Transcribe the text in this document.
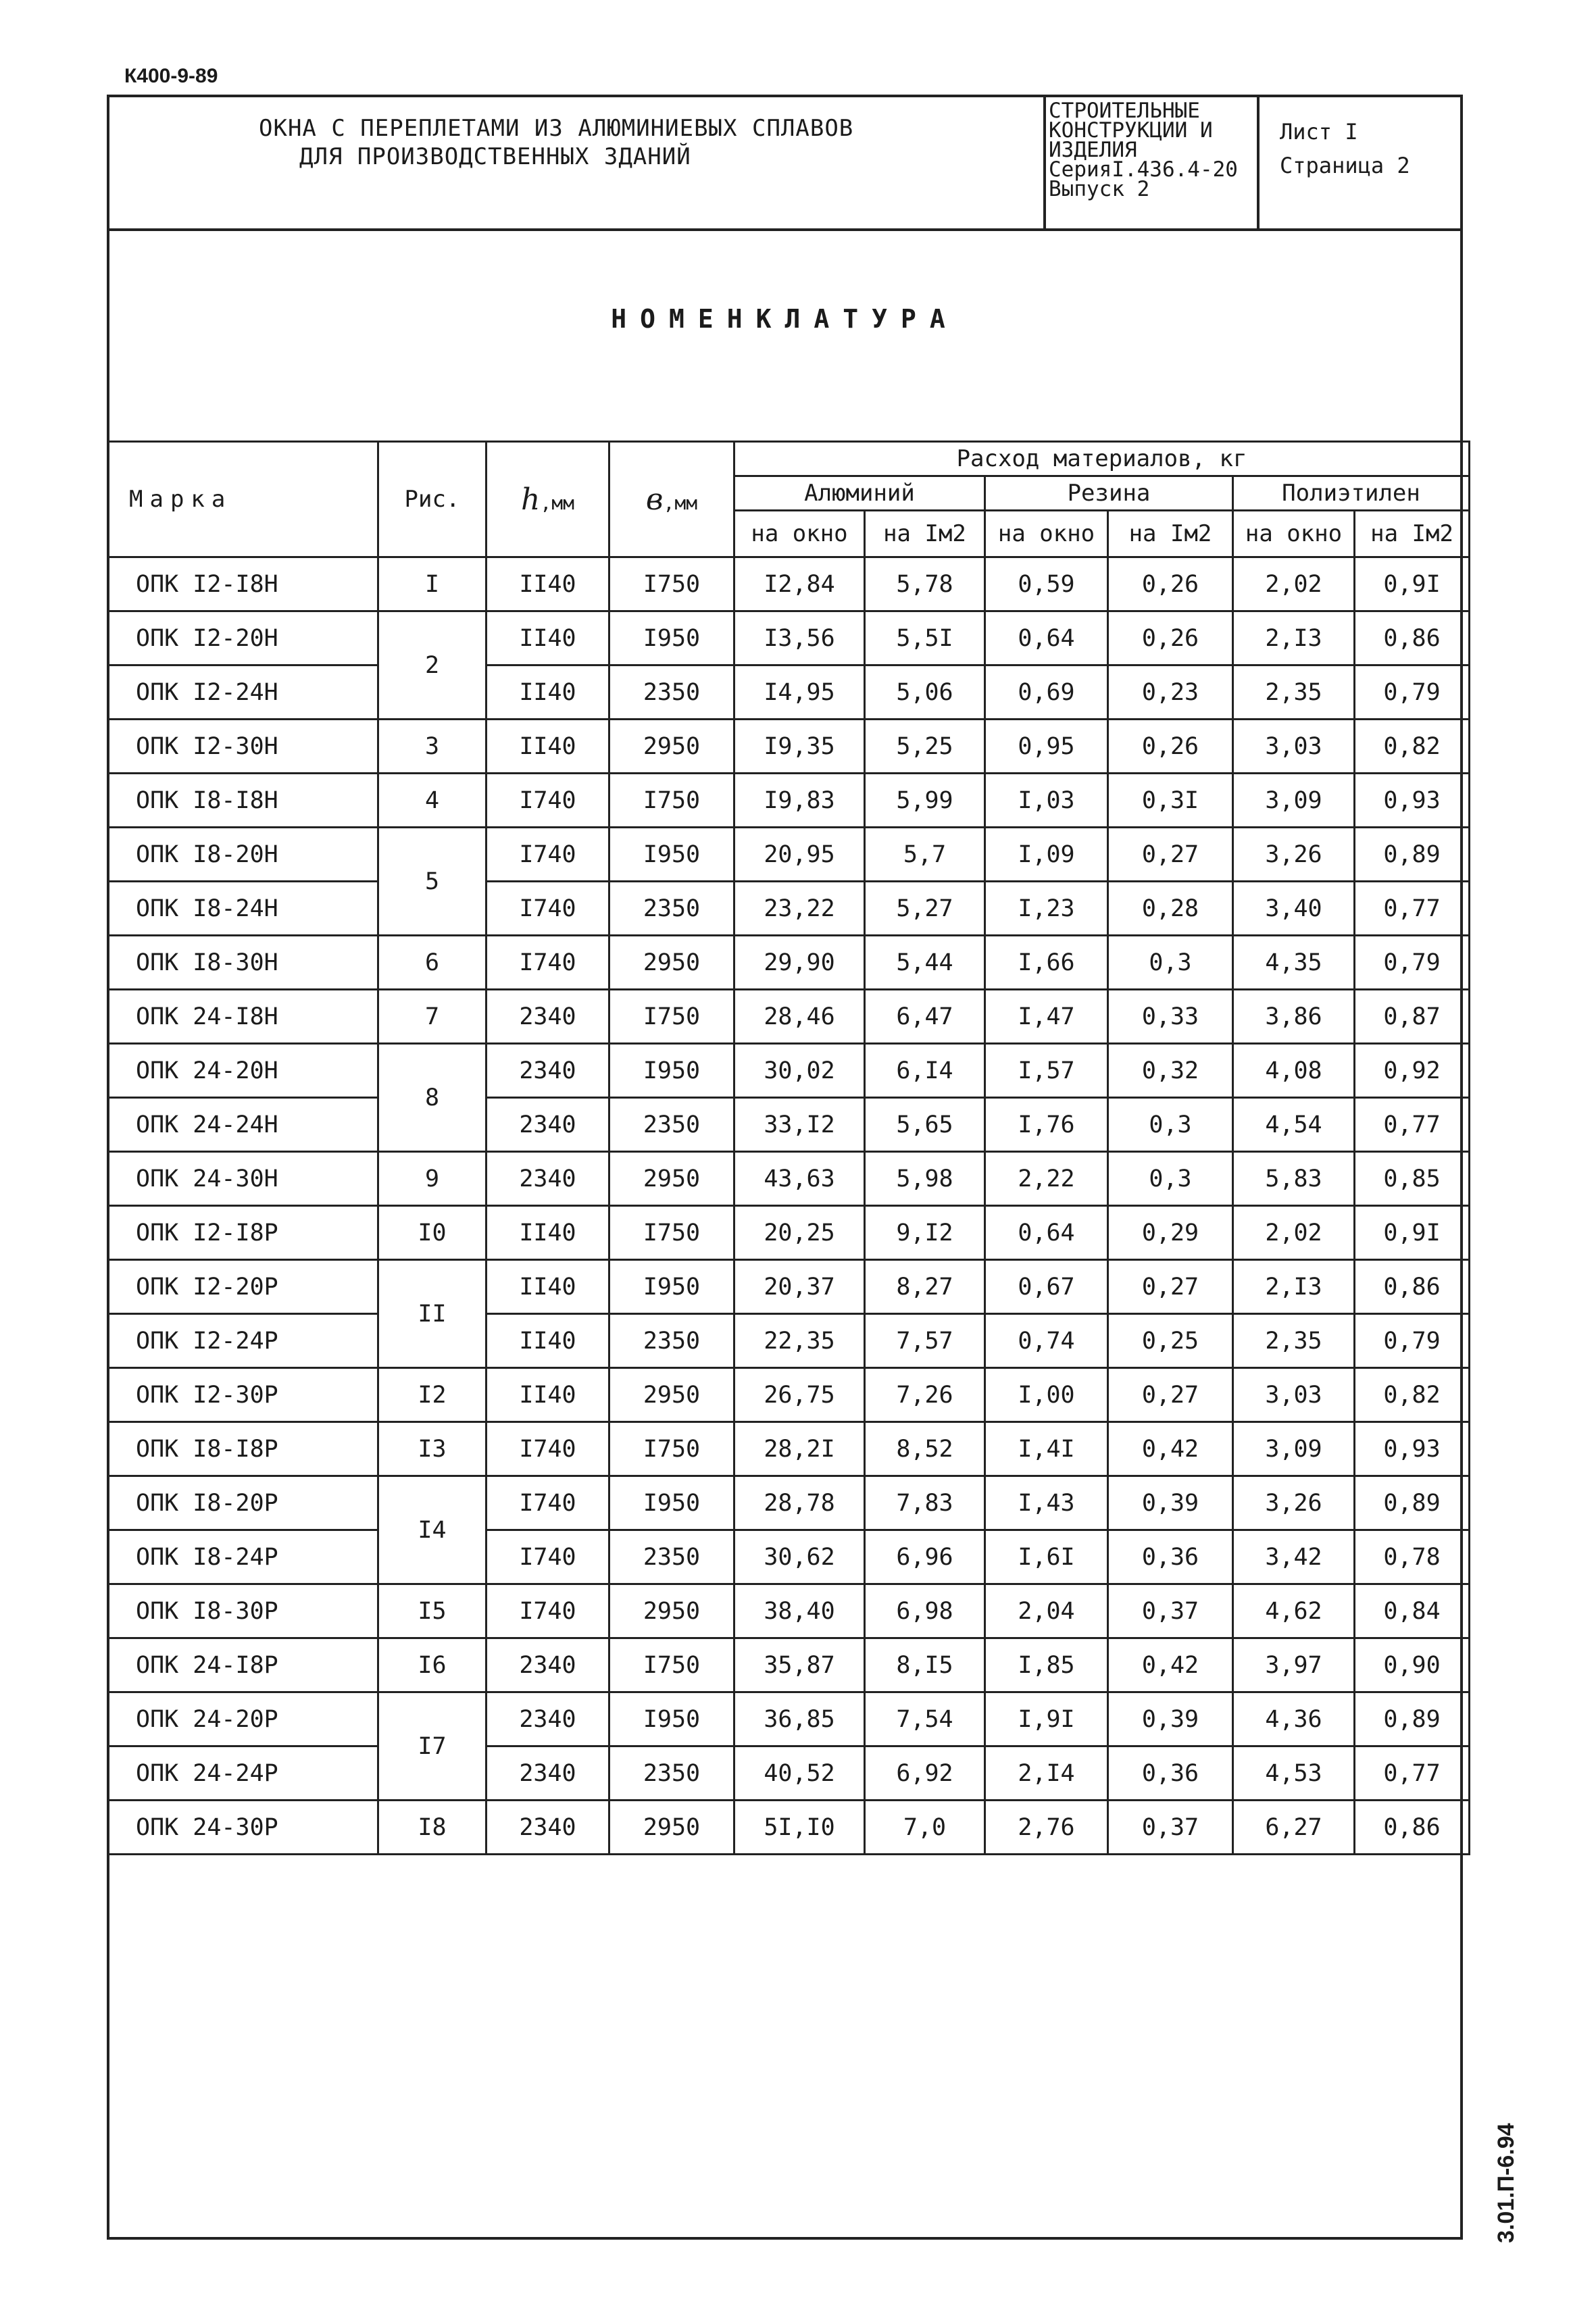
К400-9-89
ОКНА С ПЕРЕПЛЕТАМИ ИЗ АЛЮМИНИЕВЫХ СПЛАВОВ
ДЛЯ ПРОИЗВОДСТВЕННЫХ ЗДАНИЙ
СТРОИТЕЛЬНЫЕ
КОНСТРУКЦИИ И
ИЗДЕЛИЯ
СерияI.436.4-20
Выпуск 2
Лист I
Страница 2
НОМЕНКЛАТУРА
Марка	Рис.	h,мм	в,мм	Расход материалов, кг					
				Алюминий		Резина		Полиэтилен	
				на окно	на Iм2	на окно	на Iм2	на окно	на Iм2
ОПК I2-I8Н	I	II40	I750	I2,84	5,78	0,59	0,26	2,02	0,9I
ОПК I2-20Н	2	II40	I950	I3,56	5,5I	0,64	0,26	2,I3	0,86
ОПК I2-24Н		II40	2350	I4,95	5,06	0,69	0,23	2,35	0,79
ОПК I2-30Н	3	II40	2950	I9,35	5,25	0,95	0,26	3,03	0,82
ОПК I8-I8Н	4	I740	I750	I9,83	5,99	I,03	0,3I	3,09	0,93
ОПК I8-20Н	5	I740	I950	20,95	5,7	I,09	0,27	3,26	0,89
ОПК I8-24Н		I740	2350	23,22	5,27	I,23	0,28	3,40	0,77
ОПК I8-30Н	6	I740	2950	29,90	5,44	I,66	0,3	4,35	0,79
ОПК 24-I8Н	7	2340	I750	28,46	6,47	I,47	0,33	3,86	0,87
ОПК 24-20Н	8	2340	I950	30,02	6,I4	I,57	0,32	4,08	0,92
ОПК 24-24Н		2340	2350	33,I2	5,65	I,76	0,3	4,54	0,77
ОПК 24-30Н	9	2340	2950	43,63	5,98	2,22	0,3	5,83	0,85
ОПК I2-I8Р	I0	II40	I750	20,25	9,I2	0,64	0,29	2,02	0,9I
ОПК I2-20Р	II	II40	I950	20,37	8,27	0,67	0,27	2,I3	0,86
ОПК I2-24Р		II40	2350	22,35	7,57	0,74	0,25	2,35	0,79
ОПК I2-30Р	I2	II40	2950	26,75	7,26	I,00	0,27	3,03	0,82
ОПК I8-I8Р	I3	I740	I750	28,2I	8,52	I,4I	0,42	3,09	0,93
ОПК I8-20Р	I4	I740	I950	28,78	7,83	I,43	0,39	3,26	0,89
ОПК I8-24Р		I740	2350	30,62	6,96	I,6I	0,36	3,42	0,78
ОПК I8-30Р	I5	I740	2950	38,40	6,98	2,04	0,37	4,62	0,84
ОПК 24-I8Р	I6	2340	I750	35,87	8,I5	I,85	0,42	3,97	0,90
ОПК 24-20Р	I7	2340	I950	36,85	7,54	I,9I	0,39	4,36	0,89
ОПК 24-24Р		2340	2350	40,52	6,92	2,I4	0,36	4,53	0,77
ОПК 24-30Р	I8	2340	2950	5I,I0	7,0	2,76	0,37	6,27	0,86
3.01.П-6.94
